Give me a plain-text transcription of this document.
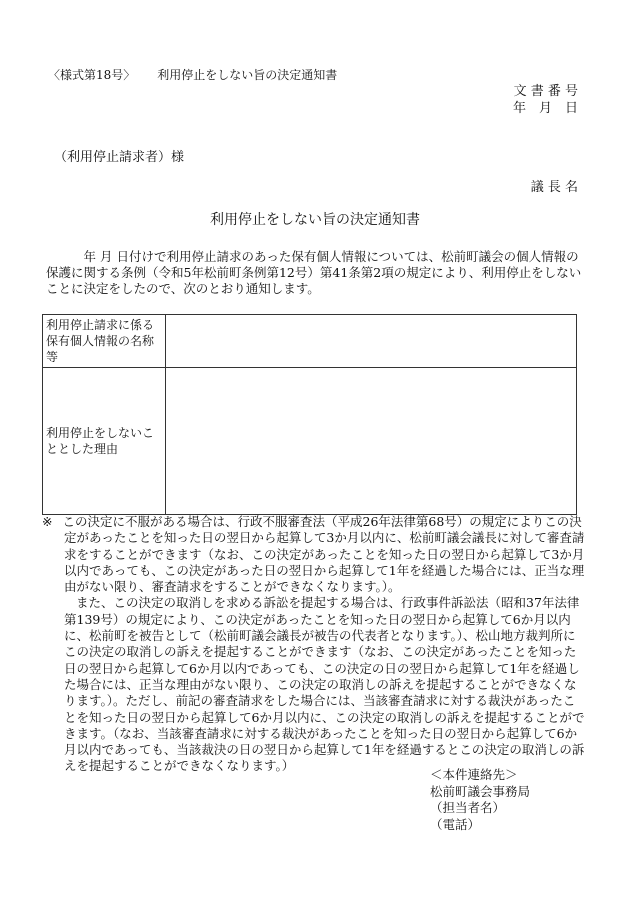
〈様式第18号〉 利用停止をしない旨の決定通知書
文 書 番 号
年　月　日
（利用停止請求者）様
議 長 名
利用停止をしない旨の決定通知書
　　　年 月 日付けで利用停止請求のあった保有個人情報については、松前町議会の個人情報の保護に関する条例（令和5年松前町条例第12号）第41条第2項の規定により、利用停止をしないことに決定をしたので、次のとおり通知します。
利用停止請求に係る保有個人情報の名称等	
利用停止をしないこととした理由	

※ この決定に不服がある場合は、行政不服審査法（平成26年法律第68号）の規定によりこの決定があったことを知った日の翌日から起算して3か月以内に、松前町議会議長に対して審査請求をすることができます（なお、この決定があったことを知った日の翌日から起算して3か月以内であっても、この決定があった日の翌日から起算して1年を経過した場合には、正当な理由がない限り、審査請求をすることができなくなります。）。

また、この決定の取消しを求める訴訟を提起する場合は、行政事件訴訟法（昭和37年法律第139号）の規定により、この決定があったことを知った日の翌日から起算して6か月以内に、松前町を被告として（松前町議会議長が被告の代表者となります。）、松山地方裁判所にこの決定の取消しの訴えを提起することができます（なお、この決定があったことを知った日の翌日から起算して6か月以内であっても、この決定の日の翌日から起算して1年を経過した場合には、正当な理由がない限り、この決定の取消しの訴えを提起することができなくなります。）。ただし、前記の審査請求をした場合には、当該審査請求に対する裁決があったことを知った日の翌日から起算して6か月以内に、この決定の取消しの訴えを提起することができます。（なお、当該審査請求に対する裁決があったことを知った日の翌日から起算して6か月以内であっても、当該裁決の日の翌日から起算して1年を経過するとこの決定の取消しの訴えを提起することができなくなります。）

＜本件連絡先＞
松前町議会事務局
（担当者名）
（電話）
